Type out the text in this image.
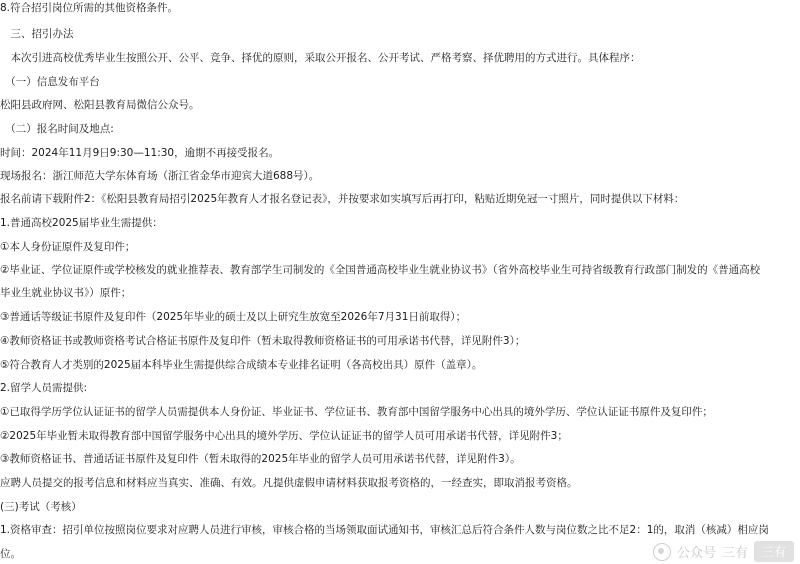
8.符合招引岗位所需的其他资格条件。
　三、招引办法
　本次引进高校优秀毕业生按照公开、公平、竞争、择优的原则，采取公开报名、公开考试、严格考察、择优聘用的方式进行。具体程序：
　（一）信息发布平台
松阳县政府网、松阳县教育局微信公众号。
　（二）报名时间及地点:
时间：2024年11月9日9:30—11:30，逾期不再接受报名。
现场报名：浙江师范大学东体育场（浙江省金华市迎宾大道688号）。
报名前请下载附件2：《松阳县教育局招引2025年教育人才报名登记表》，并按要求如实填写后再打印，粘贴近期免冠一寸照片，同时提供以下材料：
1.普通高校2025届毕业生需提供：
①本人身份证原件及复印件；
②毕业证、学位证原件或学校核发的就业推荐表、教育部学生司制发的《全国普通高校毕业生就业协议书》（省外高校毕业生可持省级教育行政部门制发的《普通高校
毕业生就业协议书》）原件；
③普通话等级证书原件及复印件（2025年毕业的硕士及以上研究生放宽至2026年7月31日前取得）；
④教师资格证书或教师资格考试合格证书原件及复印件（暂未取得教师资格证书的可用承诺书代替，详见附件3）；
⑤符合教育人才类别的2025届本科毕业生需提供综合成绩本专业排名证明（各高校出具）原件（盖章）。
2.留学人员需提供:
①已取得学历学位认证证书的留学人员需提供本人身份证、毕业证书、学位证书、教育部中国留学服务中心出具的境外学历、学位认证证书原件及复印件；
②2025年毕业暂未取得教育部中国留学服务中心出具的境外学历、学位认证证书的留学人员可用承诺书代替，详见附件3；
③教师资格证书、普通话证书原件及复印件（暂未取得的2025年毕业的留学人员可用承诺书代替，详见附件3）。
应聘人员提交的报考信息和材料应当真实、准确、有效。凡提供虚假申请材料获取报考资格的，一经查实，即取消报考资格。
(三)考试（考核）
1.资格审查：招引单位按照岗位要求对应聘人员进行审核，审核合格的当场领取面试通知书，审核汇总后符合条件人数与岗位数之比不足2：1的，取消（核减）相应岗
位。	公众号 三有	三有
